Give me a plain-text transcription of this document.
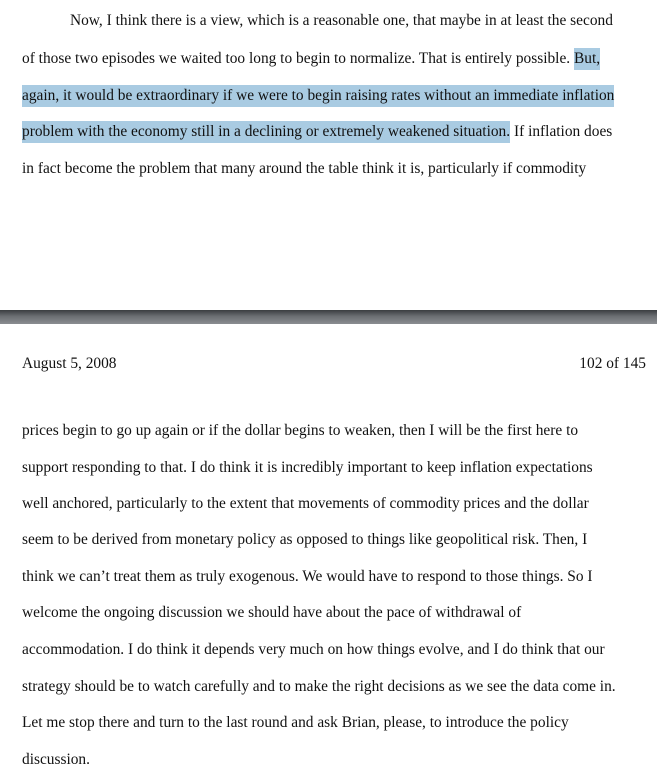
Now, I think there is a view, which is a reasonable one, that maybe in at least the second
of those two episodes we waited too long to begin to normalize. That is entirely possible. But,
again, it would be extraordinary if we were to begin raising rates without an immediate inflation
problem with the economy still in a declining or extremely weakened situation. If inflation does
in fact become the problem that many around the table think it is, particularly if commodity
August 5, 2008	102 of 145
prices begin to go up again or if the dollar begins to weaken, then I will be the first here to
support responding to that. I do think it is incredibly important to keep inflation expectations
well anchored, particularly to the extent that movements of commodity prices and the dollar
seem to be derived from monetary policy as opposed to things like geopolitical risk. Then, I
think we can’t treat them as truly exogenous. We would have to respond to those things. So I
welcome the ongoing discussion we should have about the pace of withdrawal of
accommodation. I do think it depends very much on how things evolve, and I do think that our
strategy should be to watch carefully and to make the right decisions as we see the data come in.
Let me stop there and turn to the last round and ask Brian, please, to introduce the policy
discussion.
